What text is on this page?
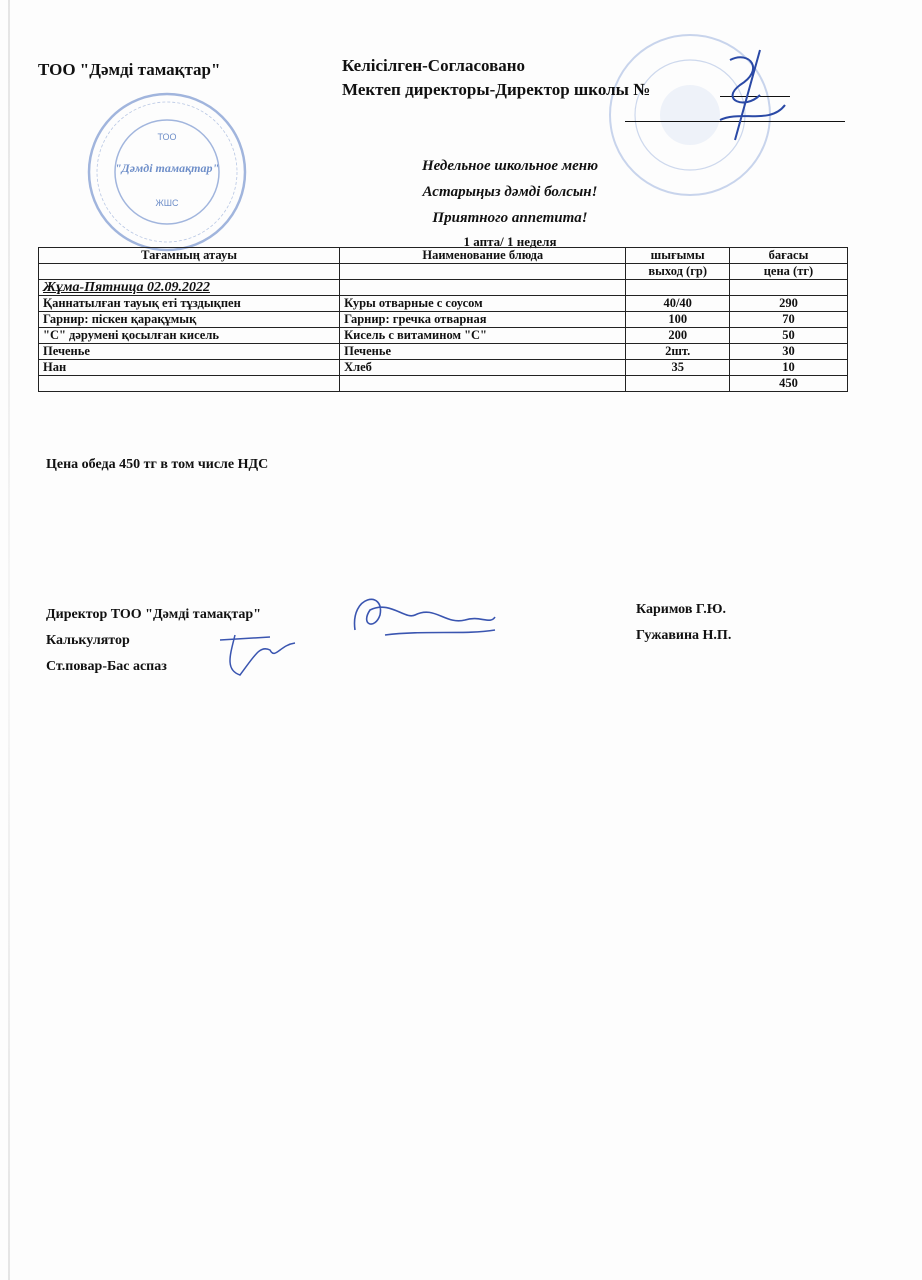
ТОО
"Дәмді тамақтар"
ЖШС
ТОО "Дәмді тамақтар"	Келісілген-Согласовано
Мектеп директоры-Директор школы №
Недельное школьное меню
Астарыңыз дәмді болсын!
Приятного аппетита!
1 апта/ 1 неделя
Тағамның атауы	Наименование блюда	шығымы	бағасы
		выход (гр)	цена (тг)
Жұма-Пятница 02.09.2022			
Қаннатылған тауық еті тұздықпен	Куры отварные с соусом	40/40	290
Гарнир: піскен қарақұмық	Гарнир: гречка отварная	100	70
"С" дәрумені қосылған кисель	Кисель с витамином "С"	200	50
Печенье	Печенье	2шт.	30
Нан	Хлеб	35	10
			450
Цена обеда 450 тг в том числе НДС
Директор ТОО "Дәмді тамақтар"
Калькулятор
Ст.повар-Бас аспаз
Каримов Г.Ю.
Гужавина Н.П.
